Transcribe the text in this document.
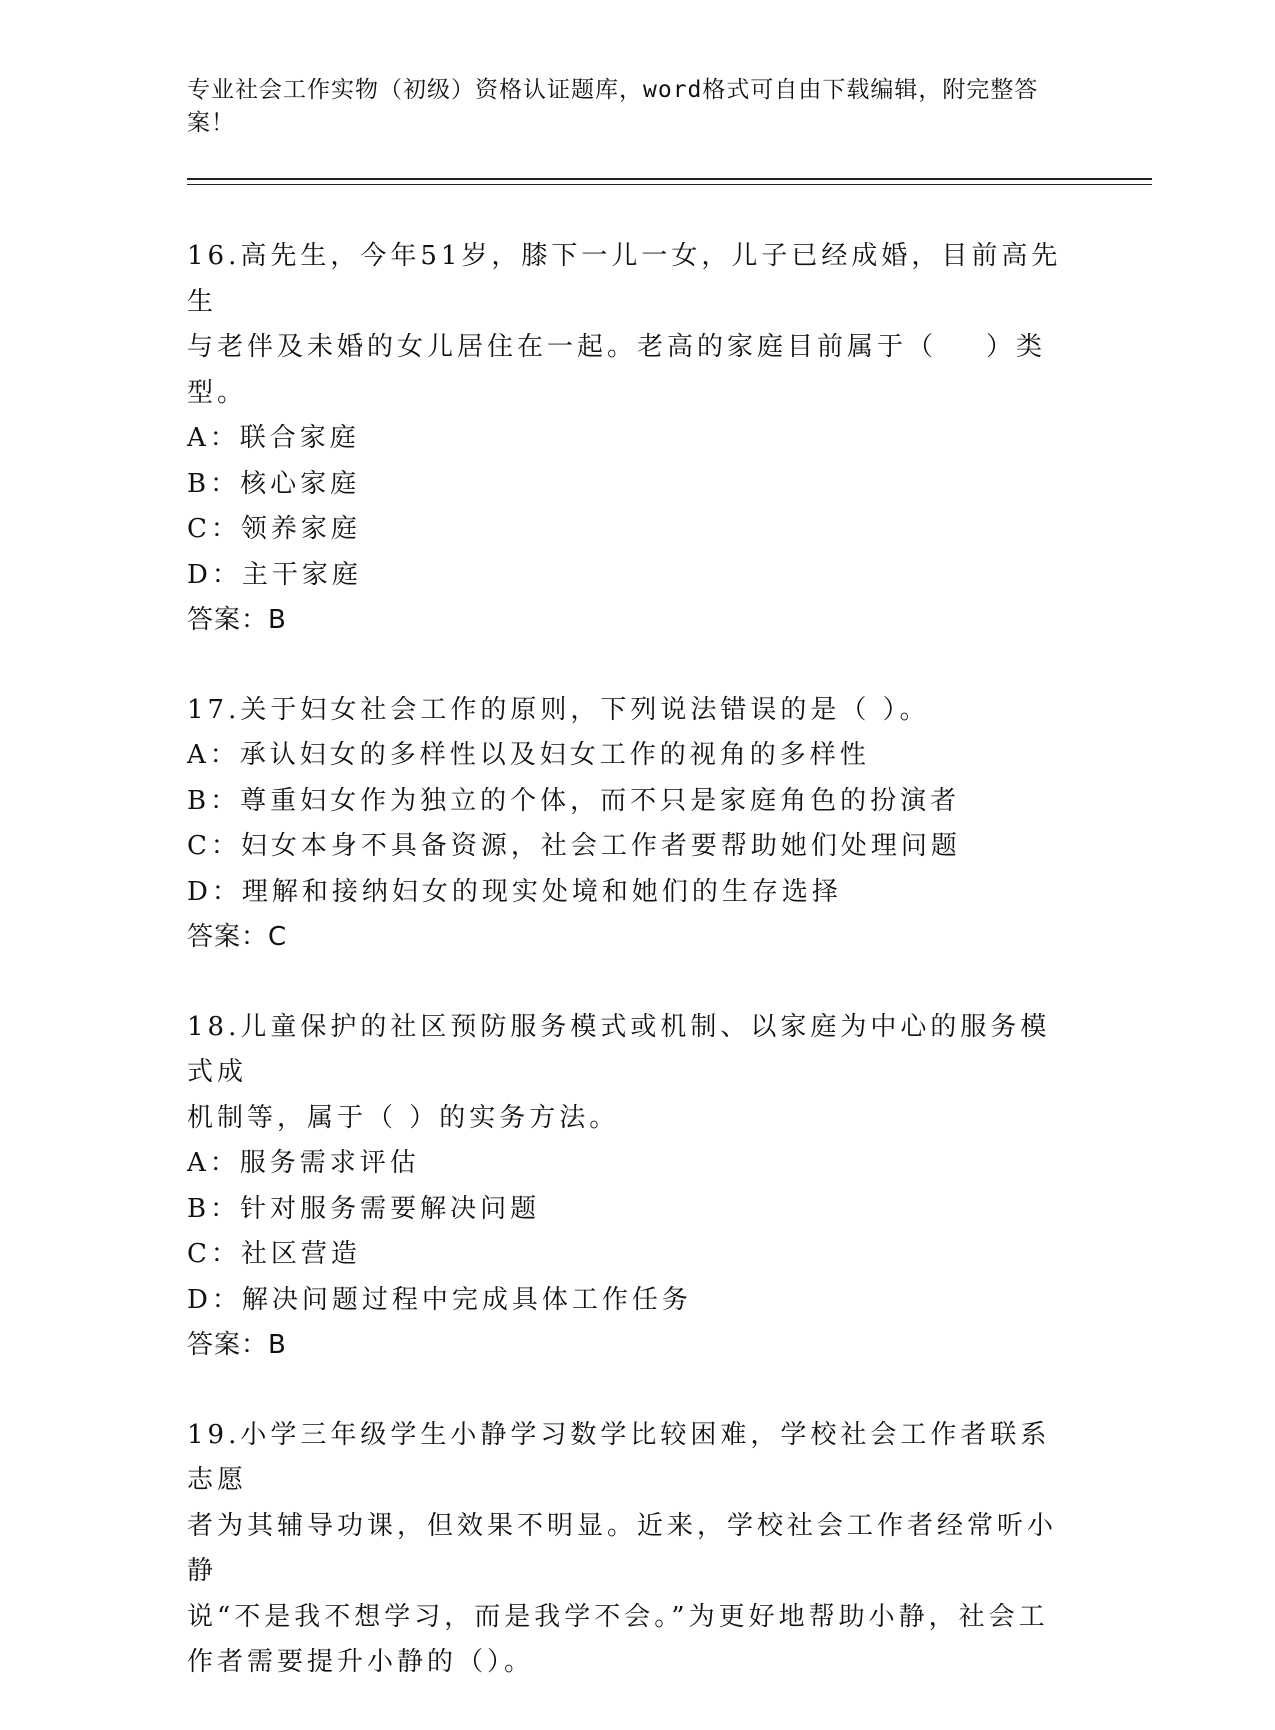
专业社会工作实物（初级）资格认证题库，word格式可自由下载编辑，附完整答
案！
16.高先生，今年51岁，膝下一儿一女，儿子已经成婚，目前高先生
与老伴及未婚的女儿居住在一起。老高的家庭目前属于（    ）类型。
A：联合家庭
B：核心家庭
C：领养家庭
D：主干家庭
答案：B
17.关于妇女社会工作的原则，下列说法错误的是（ ）。
A：承认妇女的多样性以及妇女工作的视角的多样性
B：尊重妇女作为独立的个体，而不只是家庭角色的扮演者
C：妇女本身不具备资源，社会工作者要帮助她们处理问题
D：理解和接纳妇女的现实处境和她们的生存选择
答案：C
18.儿童保护的社区预防服务模式或机制、以家庭为中心的服务模式成
机制等，属于（ ）的实务方法。
A：服务需求评估
B：针对服务需要解决问题
C：社区营造
D：解决问题过程中完成具体工作任务
答案：B
19.小学三年级学生小静学习数学比较困难，学校社会工作者联系志愿
者为其辅导功课，但效果不明显。近来，学校社会工作者经常听小静
说“不是我不想学习，而是我学不会。”为更好地帮助小静，社会工
作者需要提升小静的（）。
